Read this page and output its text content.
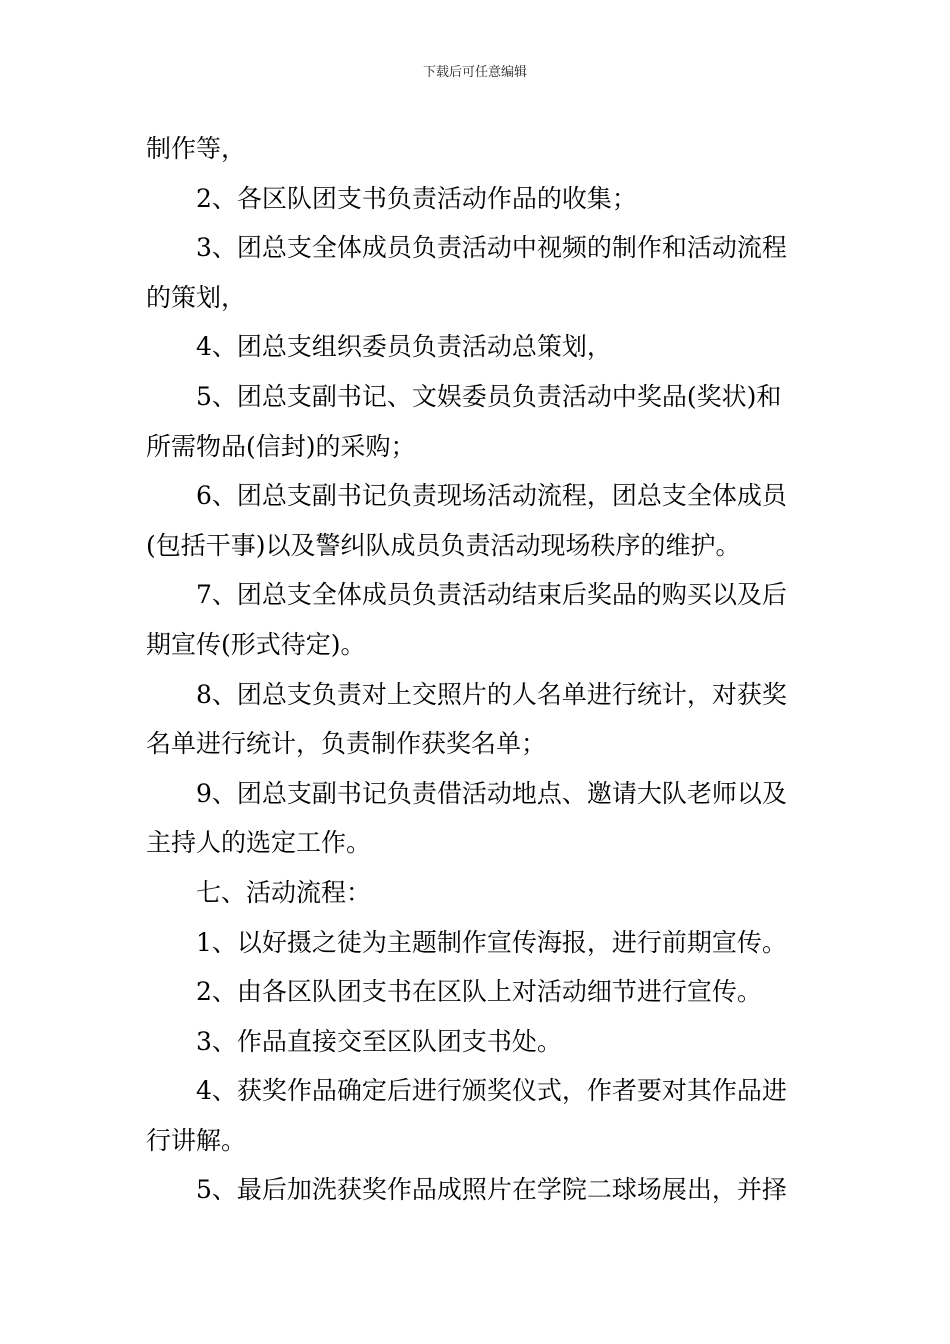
下载后可任意编辑
制作等，
2、各区队团支书负责活动作品的收集；
3、团总支全体成员负责活动中视频的制作和活动流程
的策划，
4、团总支组织委员负责活动总策划，
5、团总支副书记、文娱委员负责活动中奖品(奖状)和
所需物品(信封)的采购；
6、团总支副书记负责现场活动流程，团总支全体成员
(包括干事)以及警纠队成员负责活动现场秩序的维护。
7、团总支全体成员负责活动结束后奖品的购买以及后
期宣传(形式待定)。
8、团总支负责对上交照片的人名单进行统计，对获奖
名单进行统计，负责制作获奖名单；
9、团总支副书记负责借活动地点、邀请大队老师以及
主持人的选定工作。
七、活动流程：
1、以好摄之徒为主题制作宣传海报，进行前期宣传。
2、由各区队团支书在区队上对活动细节进行宣传。
3、作品直接交至区队团支书处。
4、获奖作品确定后进行颁奖仪式，作者要对其作品进
行讲解。
5、最后加洗获奖作品成照片在学院二球场展出，并择
